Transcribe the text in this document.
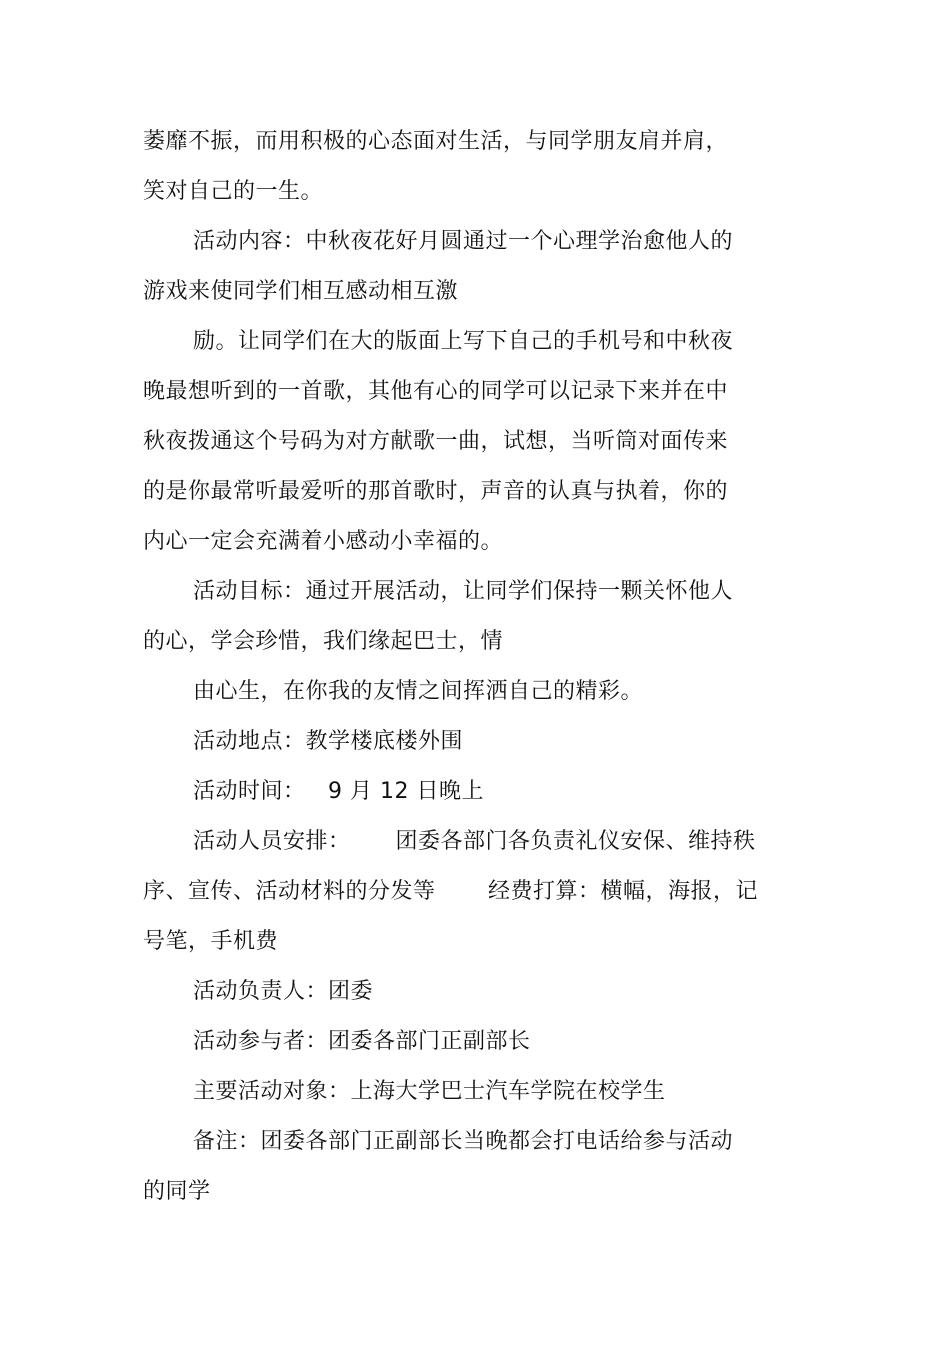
萎靡不振，而用积极的心态面对生活，与同学朋友肩并肩，
笑对自己的一生。
活动内容：中秋夜花好月圆通过一个心理学治愈他人的
游戏来使同学们相互感动相互激
励。让同学们在大的版面上写下自己的手机号和中秋夜
晚最想听到的一首歌，其他有心的同学可以记录下来并在中
秋夜拨通这个号码为对方献歌一曲，试想，当听筒对面传来
的是你最常听最爱听的那首歌时，声音的认真与执着，你的
内心一定会充满着小感动小幸福的。
活动目标：通过开展活动，让同学们保持一颗关怀他人
的心，学会珍惜，我们缘起巴士，情
由心生，在你我的友情之间挥洒自己的精彩。
活动地点：教学楼底楼外围
活动时间：   9 月 12 日晚上
活动人员安排：      团委各部门各负责礼仪安保、维持秩
序、宣传、活动材料的分发等       经费打算：横幅，海报，记
号笔，手机费
活动负责人：团委
活动参与者：团委各部门正副部长
主要活动对象：上海大学巴士汽车学院在校学生
备注：团委各部门正副部长当晚都会打电话给参与活动
的同学
